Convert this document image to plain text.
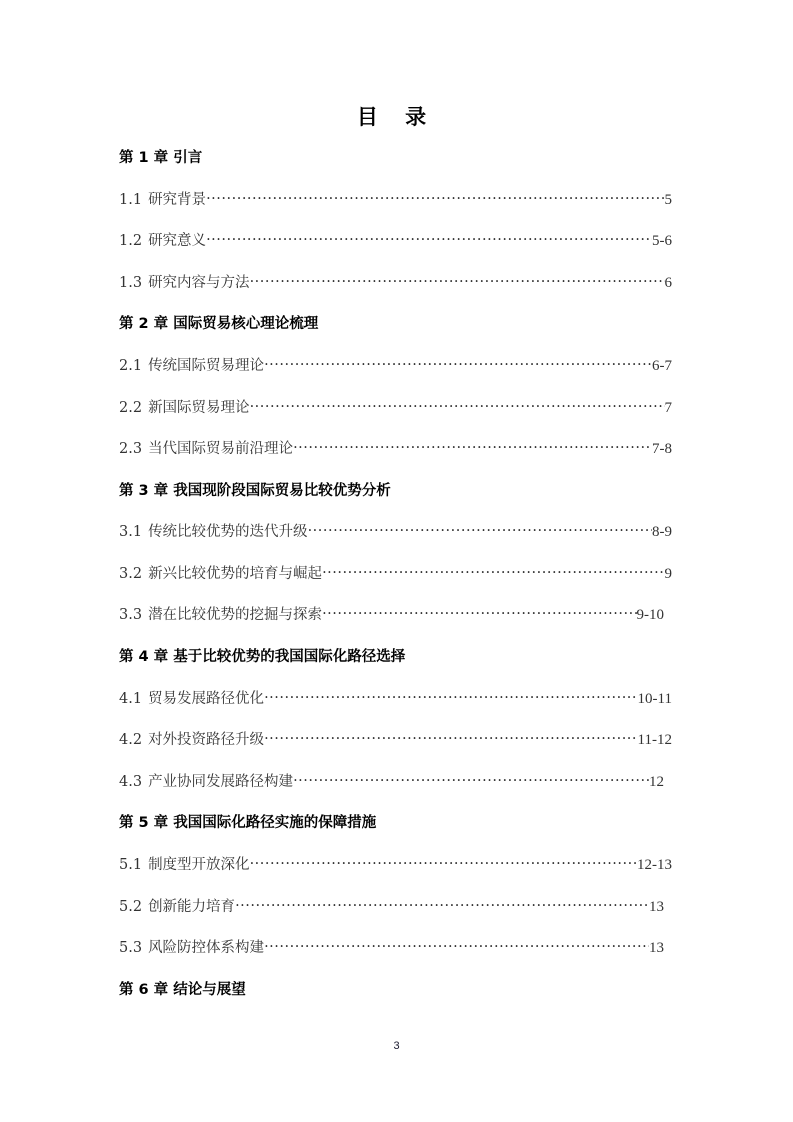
目 录
第 1 章 引言
1.1 研究背景 ·····	5
1.2 研究意义 ·····	5-6
1.3 研究内容与方法 ·····	6
第 2 章 国际贸易核心理论梳理
2.1 传统国际贸易理论 ·····	6-7
2.2 新国际贸易理论 ·····	7
2.3 当代国际贸易前沿理论 ·····	7-8
第 3 章 我国现阶段国际贸易比较优势分析
3.1 传统比较优势的迭代升级 ·····	8-9
3.2 新兴比较优势的培育与崛起 ·····	9
3.3 潜在比较优势的挖掘与探索 ·····	9-10
第 4 章 基于比较优势的我国国际化路径选择
4.1 贸易发展路径优化 ·····	10-11
4.2 对外投资路径升级 ·····	11-12
4.3 产业协同发展路径构建 ·····	12
第 5 章 我国国际化路径实施的保障措施
5.1 制度型开放深化 ·····	12-13
5.2 创新能力培育 ·····	13
5.3 风险防控体系构建 ·····	13
第 6 章 结论与展望
3
